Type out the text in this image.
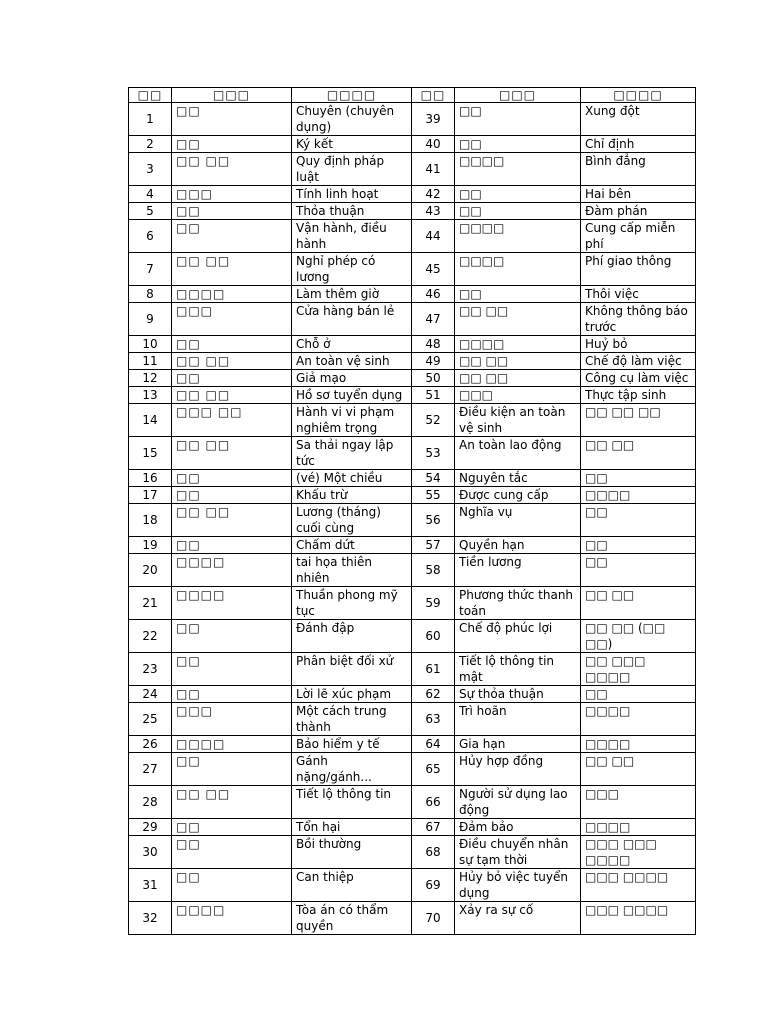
□□	□□□	□□□□	□□	□□□	□□□□
1	□□	Chuyên (chuyên dụng)	39	□□	Xung đột
2	□□	Ký kết	40	□□	Chỉ định
3	□□ □□	Quy định pháp luật	41	□□□□	Bình đẳng
4	□□□	Tính linh hoạt	42	□□	Hai bên
5	□□	Thỏa thuận	43	□□	Đàm phán
6	□□	Vận hành, điều hành	44	□□□□	Cung cấp miễn phí
7	□□ □□	Nghỉ phép có lương	45	□□□□	Phí giao thông
8	□□□□	Làm thêm giờ	46	□□	Thôi việc
9	□□□	Cửa hàng bán lẻ	47	□□ □□	Không thông báo trước
10	□□	Chỗ ở	48	□□□□	Huỷ bỏ
11	□□ □□	An toàn vệ sinh	49	□□ □□	Chế độ làm việc
12	□□	Giả mạo	50	□□ □□	Công cụ làm việc
13	□□ □□	Hồ sơ tuyển dụng	51	□□□	Thực tập sinh
14	□□□ □□	Hành vi vi phạm nghiêm trọng	52	Điều kiện an toàn vệ sinh	□□ □□ □□
15	□□ □□	Sa thải ngay lập tức	53	An toàn lao động	□□ □□
16	□□	(vé) Một chiều	54	Nguyên tắc	□□
17	□□	Khấu trừ	55	Được cung cấp	□□□□
18	□□ □□	Lương (tháng) cuối cùng	56	Nghĩa vụ	□□
19	□□	Chấm dứt	57	Quyền hạn	□□
20	□□□□	tai họa thiên nhiên	58	Tiền lương	□□
21	□□□□	Thuần phong mỹ tục	59	Phương thức thanh toán	□□ □□
22	□□	Đánh đập	60	Chế độ phúc lợi	□□ □□ (□□ □□)
23	□□	Phân biệt đối xử	61	Tiết lộ thông tin mật	□□ □□□ □□□□
24	□□	Lời lẽ xúc phạm	62	Sự thỏa thuận	□□
25	□□□	Một cách trung thành	63	Trì hoãn	□□□□
26	□□□□	Bảo hiểm y tế	64	Gia hạn	□□□□
27	□□	Gánh nặng/gánh...	65	Hủy hợp đồng	□□ □□
28	□□ □□	Tiết lộ thông tin	66	Người sử dụng lao động	□□□
29	□□	Tổn hại	67	Đảm bảo	□□□□
30	□□	Bồi thường	68	Điều chuyển nhân sự tạm thời	□□□ □□□ □□□□
31	□□	Can thiệp	69	Hủy bỏ việc tuyển dụng	□□□ □□□□
32	□□□□	Tòa án có thẩm quyền	70	Xảy ra sự cố	□□□ □□□□
